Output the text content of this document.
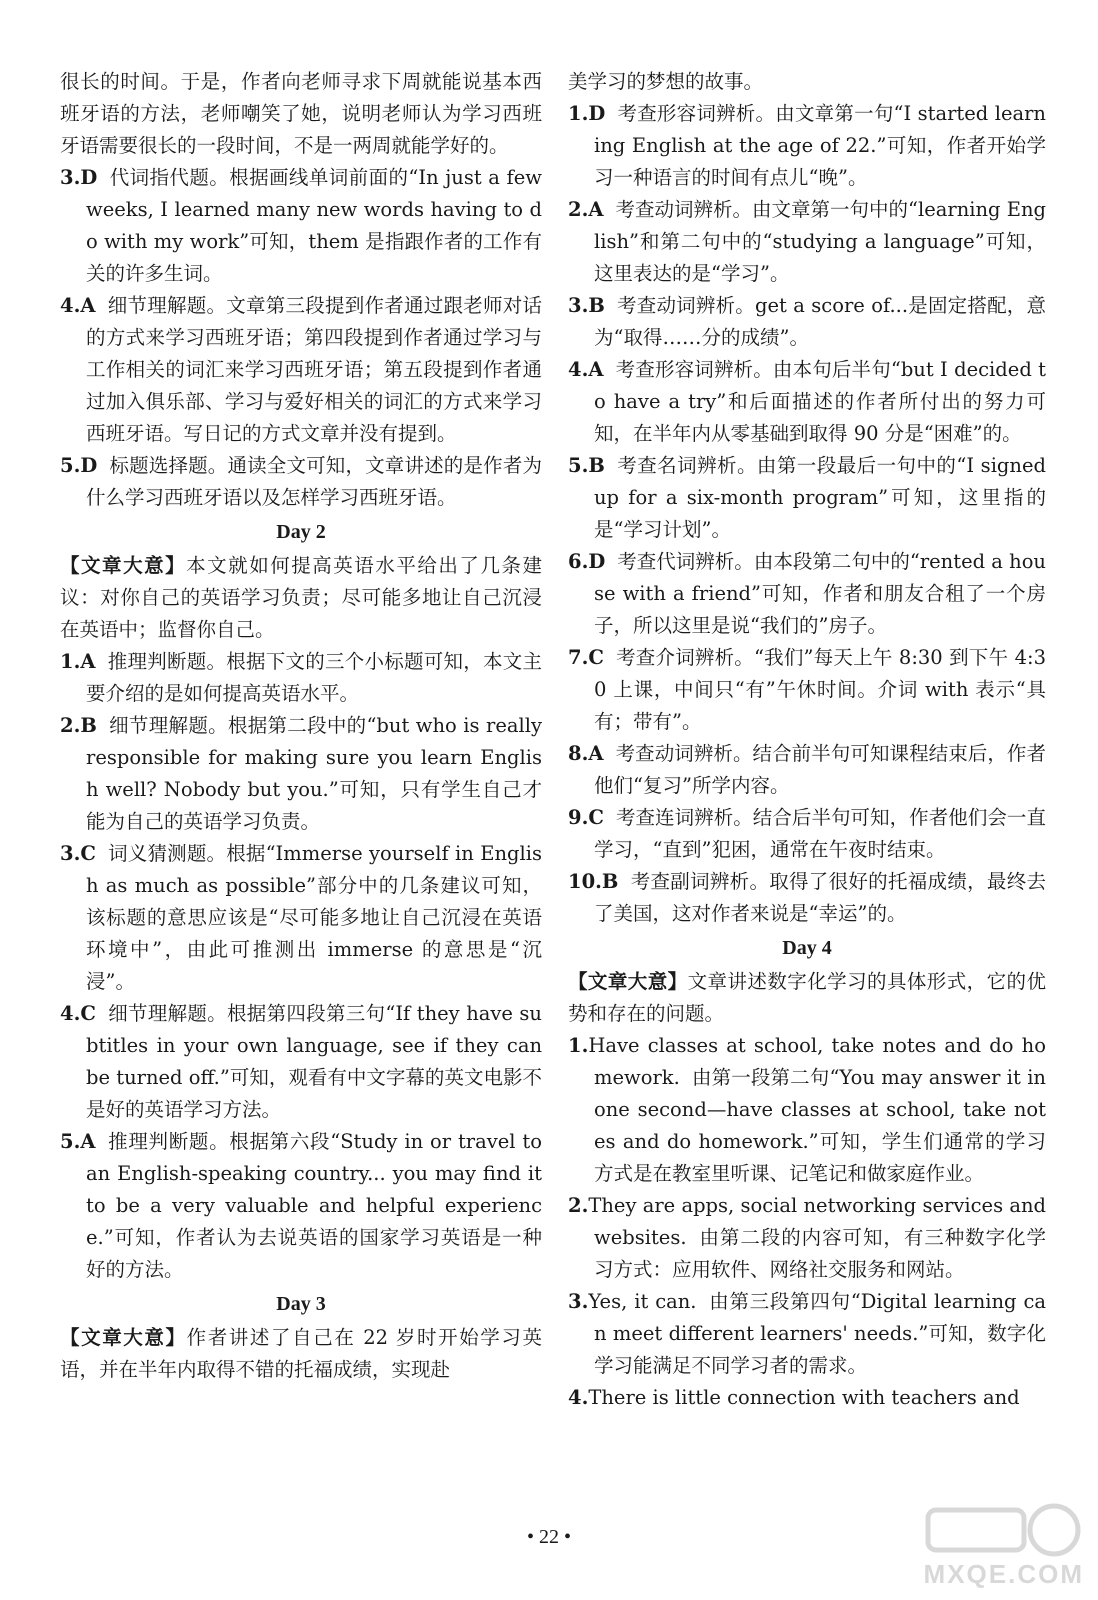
很长的时间。于是，作者向老师寻求下周就能说基本西班牙语的方法，老师嘲笑了她，说明老师认为学习西班牙语需要很长的一段时间，不是一两周就能学好的。

3.D 代词指代题。根据画线单词前面的“In just a few weeks, I learned many new words having to do with my work”可知，them 是指跟作者的工作有关的许多生词。

4.A 细节理解题。文章第三段提到作者通过跟老师对话的方式来学习西班牙语；第四段提到作者通过学习与工作相关的词汇来学习西班牙语；第五段提到作者通过加入俱乐部、学习与爱好相关的词汇的方式来学习西班牙语。写日记的方式文章并没有提到。

5.D 标题选择题。通读全文可知，文章讲述的是作者为什么学习西班牙语以及怎样学习西班牙语。

Day 2

【文章大意】本文就如何提高英语水平给出了几条建议：对你自己的英语学习负责；尽可能多地让自己沉浸在英语中；监督你自己。

1.A 推理判断题。根据下文的三个小标题可知，本文主要介绍的是如何提高英语水平。

2.B 细节理解题。根据第二段中的“but who is really responsible for making sure you learn English well? Nobody but you.”可知，只有学生自己才能为自己的英语学习负责。

3.C 词义猜测题。根据“Immerse yourself in English as much as possible”部分中的几条建议可知，该标题的意思应该是“尽可能多地让自己沉浸在英语环境中”，由此可推测出 immerse 的意思是“沉浸”。

4.C 细节理解题。根据第四段第三句“If they have subtitles in your own language, see if they can be turned off.”可知，观看有中文字幕的英文电影不是好的英语学习方法。

5.A 推理判断题。根据第六段“Study in or travel to an English-speaking country... you may find it to be a very valuable and helpful experience.”可知，作者认为去说英语的国家学习英语是一种好的方法。

Day 3

【文章大意】作者讲述了自己在 22 岁时开始学习英语，并在半年内取得不错的托福成绩，实现赴

美学习的梦想的故事。

1.D 考查形容词辨析。由文章第一句“I started learning English at the age of 22.”可知，作者开始学习一种语言的时间有点儿“晚”。

2.A 考查动词辨析。由文章第一句中的“learning English”和第二句中的“studying a language”可知，这里表达的是“学习”。

3.B 考查动词辨析。get a score of...是固定搭配，意为“取得……分的成绩”。

4.A 考查形容词辨析。由本句后半句“but I decided to have a try”和后面描述的作者所付出的努力可知，在半年内从零基础到取得 90 分是“困难”的。

5.B 考查名词辨析。由第一段最后一句中的“I signed up for a six-month program”可知，这里指的是“学习计划”。

6.D 考查代词辨析。由本段第二句中的“rented a house with a friend”可知，作者和朋友合租了一个房子，所以这里是说“我们的”房子。

7.C 考查介词辨析。“我们”每天上午 8:30 到下午 4:30 上课，中间只“有”午休时间。介词 with 表示“具有；带有”。

8.A 考查动词辨析。结合前半句可知课程结束后，作者他们“复习”所学内容。

9.C 考查连词辨析。结合后半句可知，作者他们会一直学习，“直到”犯困，通常在午夜时结束。

10.B 考查副词辨析。取得了很好的托福成绩，最终去了美国，这对作者来说是“幸运”的。

Day 4

【文章大意】文章讲述数字化学习的具体形式，它的优势和存在的问题。

1.Have classes at school, take notes and do homework. 由第一段第二句“You may answer it in one second—have classes at school, take notes and do homework.”可知，学生们通常的学习方式是在教室里听课、记笔记和做家庭作业。

2.They are apps, social networking services and websites. 由第二段的内容可知，有三种数字化学习方式：应用软件、网络社交服务和网站。

3.Yes, it can. 由第三段第四句“Digital learning can meet different learners' needs.”可知，数字化学习能满足不同学习者的需求。

4.There is little connection with teachers and

• 22 •
MXQE.COM
